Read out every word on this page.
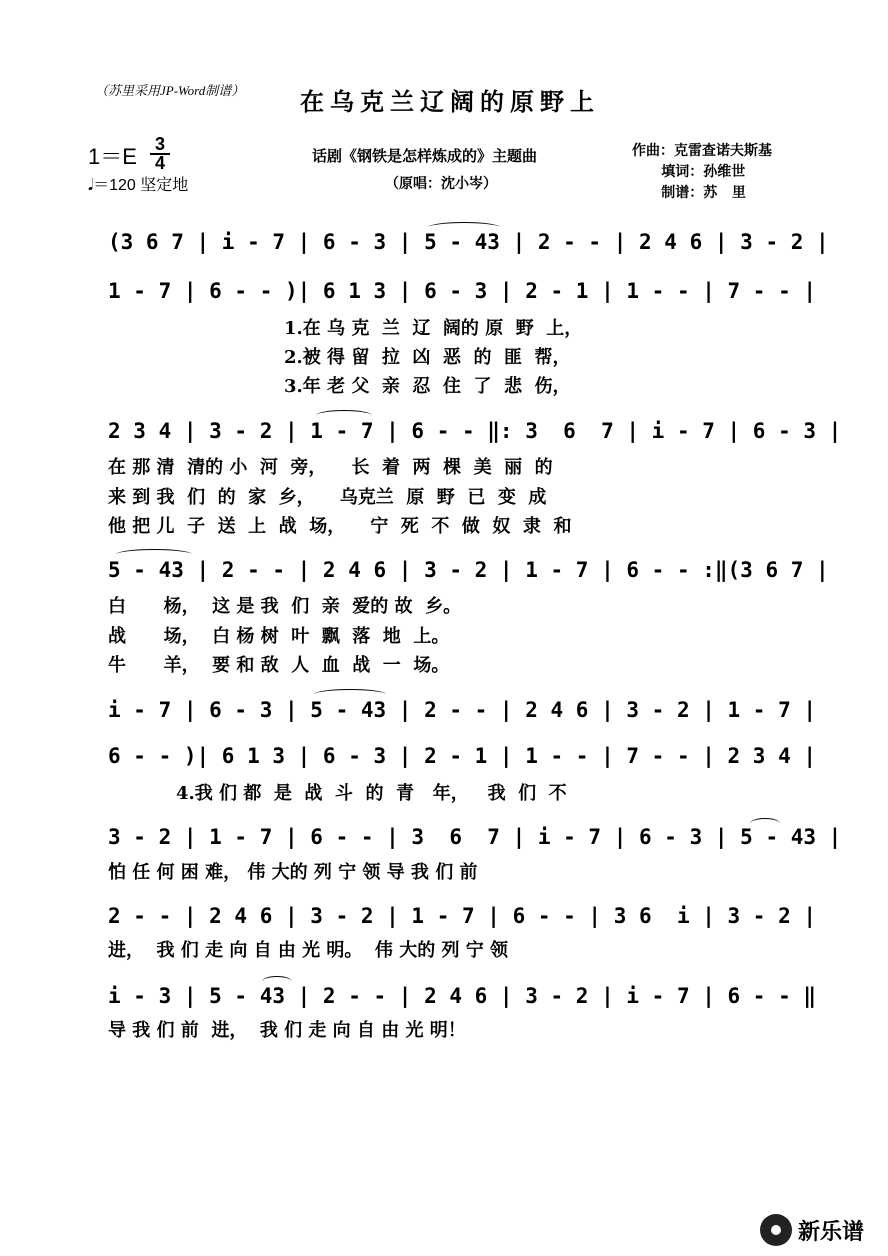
（苏里采用JP-Word制谱） 在乌克兰辽阔的原野上
1＝E 3
4
𝅘𝅥＝120 坚定地
话剧《钢铁是怎样炼成的》主题曲
（原唱：沈小岑）
作曲：克雷查诺夫斯基
填词：孙维世
制谱：苏   里
(3 6 7 | i - 7 | 6 - 3 | 5 - 43 | 2 - - | 2 4 6 | 3 - 2 |
1 - 7 | 6 - - )| 6 1 3 | 6 - 3 | 2 - 1 | 1 - - | 7 - - |
1.在 乌 克  兰  辽  阔的 原  野  上，
2.被 得 留  拉  凶  恶  的  匪  帮，
3.年 老 父  亲  忍  住  了  悲  伤，
2 3 4 | 3 - 2 | 1 - 7 | 6 - - ‖: 3  6  7 | i - 7 | 6 - 3 |
在 那 清  清的 小  河  旁，    长  着  两  棵  美  丽  的
来 到 我  们  的  家  乡，    乌克兰  原  野  已  变  成
他 把 儿  子  送  上  战  场，    宁  死  不  做  奴  隶  和
5 - 43 | 2 - - | 2 4 6 | 3 - 2 | 1 - 7 | 6 - - :‖(3 6 7 |
白      杨，  这 是 我  们  亲  爱的 故  乡。
战      场，  白 杨 树  叶  飘  落  地  上。
牛      羊，  要 和 敌  人  血  战  一  场。
i - 7 | 6 - 3 | 5 - 43 | 2 - - | 2 4 6 | 3 - 2 | 1 - 7 |
6 - - )| 6 1 3 | 6 - 3 | 2 - 1 | 1 - - | 7 - - | 2 3 4 |
4.我 们 都  是  战  斗  的  青   年，   我  们  不
3 - 2 | 1 - 7 | 6 - - | 3  6  7 | i - 7 | 6 - 3 | 5 - 43 |
怕 任 何 困 难， 伟 大的 列 宁 领 导 我 们 前
2 - - | 2 4 6 | 3 - 2 | 1 - 7 | 6 - - | 3 6  i | 3 - 2 |
进，  我 们 走 向 自 由 光 明。  伟 大的 列 宁 领
i - 3 | 5 - 43 | 2 - - | 2 4 6 | 3 - 2 | i - 7 | 6 - - ‖
导 我 们 前  进，  我 们 走 向 自 由 光 明！
新乐谱
